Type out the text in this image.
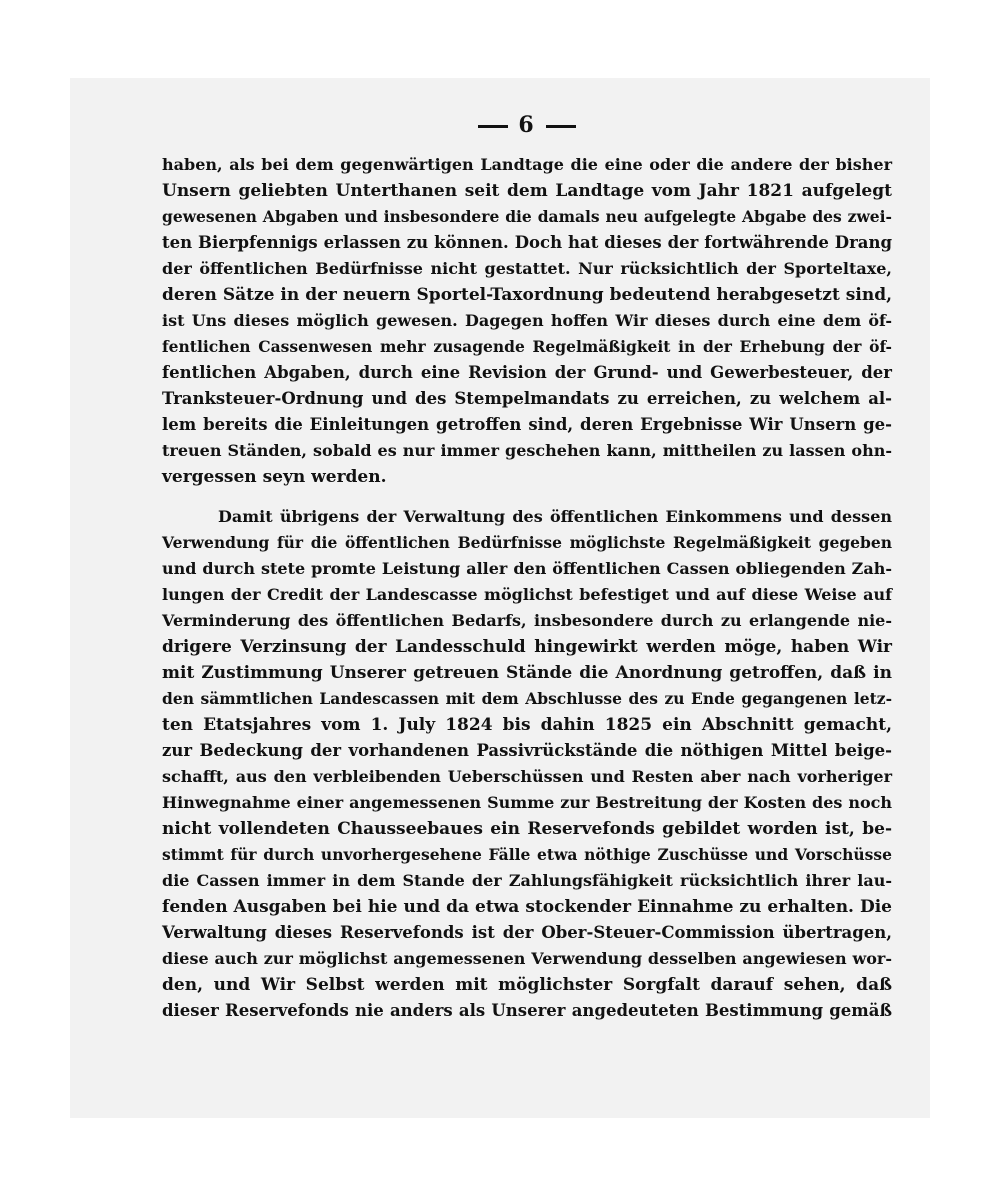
6
haben, als bei dem gegenwärtigen Landtage die eine oder die andere der bisher
Unsern geliebten Unterthanen seit dem Landtage vom Jahr 1821 aufgelegt
gewesenen Abgaben und insbesondere die damals neu aufgelegte Abgabe des zwei-
ten Bierpfennigs erlassen zu können. Doch hat dieses der fortwährende Drang
der öffentlichen Bedürfnisse nicht gestattet. Nur rücksichtlich der Sporteltaxe,
deren Sätze in der neuern Sportel-Taxordnung bedeutend herabgesetzt sind,
ist Uns dieses möglich gewesen. Dagegen hoffen Wir dieses durch eine dem öf-
fentlichen Cassenwesen mehr zusagende Regelmäßigkeit in der Erhebung der öf-
fentlichen Abgaben, durch eine Revision der Grund- und Gewerbesteuer, der
Tranksteuer-Ordnung und des Stempelmandats zu erreichen, zu welchem al-
lem bereits die Einleitungen getroffen sind, deren Ergebnisse Wir Unsern ge-
treuen Ständen, sobald es nur immer geschehen kann, mittheilen zu lassen ohn-
vergessen seyn werden.
Damit übrigens der Verwaltung des öffentlichen Einkommens und dessen
Verwendung für die öffentlichen Bedürfnisse möglichste Regelmäßigkeit gegeben
und durch stete promte Leistung aller den öffentlichen Cassen obliegenden Zah-
lungen der Credit der Landescasse möglichst befestiget und auf diese Weise auf
Verminderung des öffentlichen Bedarfs, insbesondere durch zu erlangende nie-
drigere Verzinsung der Landesschuld hingewirkt werden möge, haben Wir
mit Zustimmung Unserer getreuen Stände die Anordnung getroffen, daß in
den sämmtlichen Landescassen mit dem Abschlusse des zu Ende gegangenen letz-
ten Etatsjahres vom 1. July 1824 bis dahin 1825 ein Abschnitt gemacht,
zur Bedeckung der vorhandenen Passivrückstände die nöthigen Mittel beige-
schafft, aus den verbleibenden Ueberschüssen und Resten aber nach vorheriger
Hinwegnahme einer angemessenen Summe zur Bestreitung der Kosten des noch
nicht vollendeten Chausseebaues ein Reservefonds gebildet worden ist, be-
stimmt für durch unvorhergesehene Fälle etwa nöthige Zuschüsse und Vorschüsse
die Cassen immer in dem Stande der Zahlungsfähigkeit rücksichtlich ihrer lau-
fenden Ausgaben bei hie und da etwa stockender Einnahme zu erhalten. Die
Verwaltung dieses Reservefonds ist der Ober-Steuer-Commission übertragen,
diese auch zur möglichst angemessenen Verwendung desselben angewiesen wor-
den, und Wir Selbst werden mit möglichster Sorgfalt darauf sehen, daß
dieser Reservefonds nie anders als Unserer angedeuteten Bestimmung gemäß
